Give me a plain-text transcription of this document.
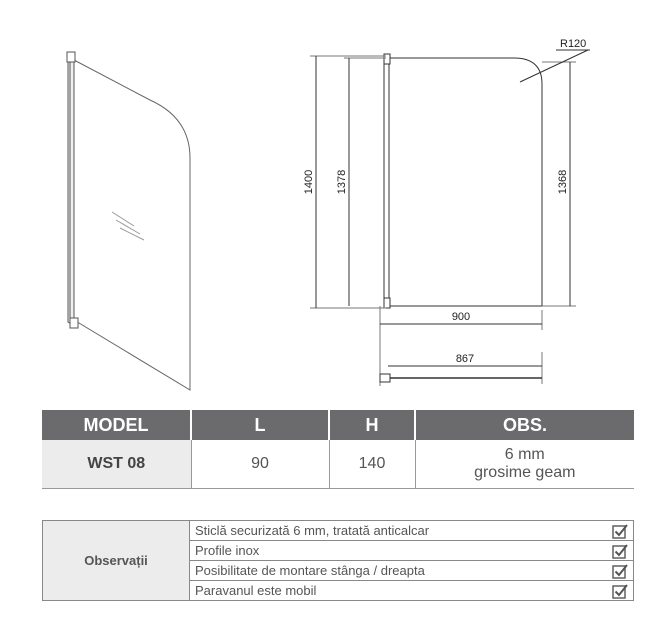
1400 1378	1368
R120
900
867
MODEL	L	H	OBS.
WST 08	90	140	6 mm
grosime geam
Observații	Sticlă securizată 6 mm, tratată anticalcar	
	Profile inox	
	Posibilitate de montare stânga / dreapta	
	Paravanul este mobil	
